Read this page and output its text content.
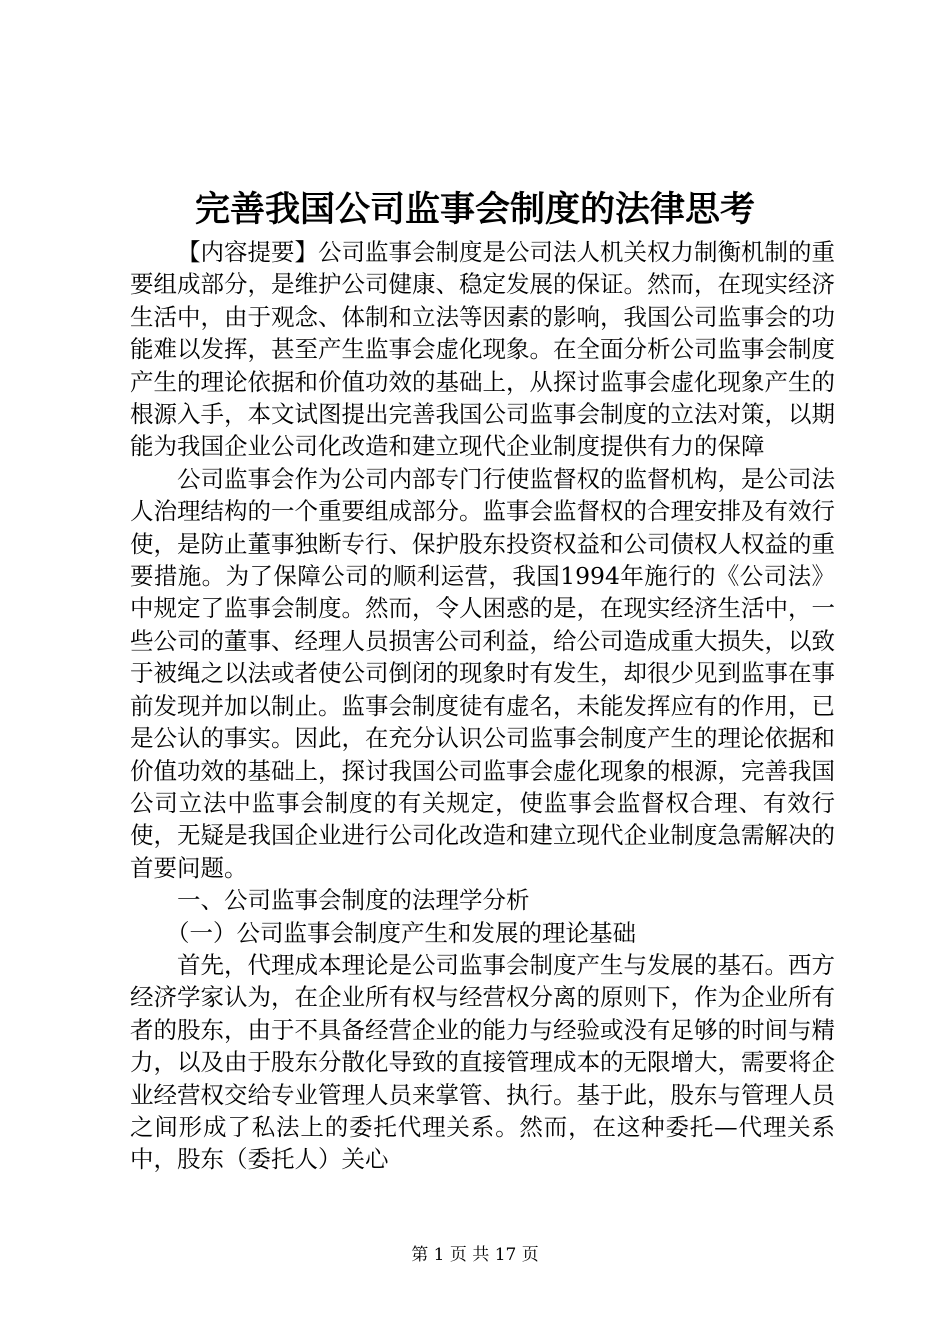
完善我国公司监事会制度的法律思考

【内容提要】公司监事会制度是公司法人机关权力制衡机制的重要组成部分，是维护公司健康、稳定发展的保证。然而，在现实经济生活中，由于观念、体制和立法等因素的影响，我国公司监事会的功能难以发挥，甚至产生监事会虚化现象。在全面分析公司监事会制度产生的理论依据和价值功效的基础上，从探讨监事会虚化现象产生的根源入手，本文试图提出完善我国公司监事会制度的立法对策，以期能为我国企业公司化改造和建立现代企业制度提供有力的保障

公司监事会作为公司内部专门行使监督权的监督机构，是公司法人治理结构的一个重要组成部分。监事会监督权的合理安排及有效行使，是防止董事独断专行、保护股东投资权益和公司债权人权益的重要措施。为了保障公司的顺利运营，我国1994年施行的《公司法》中规定了监事会制度。然而，令人困惑的是，在现实经济生活中，一些公司的董事、经理人员损害公司利益，给公司造成重大损失，以致于被绳之以法或者使公司倒闭的现象时有发生，却很少见到监事在事前发现并加以制止。监事会制度徒有虚名，未能发挥应有的作用，已是公认的事实。因此，在充分认识公司监事会制度产生的理论依据和价值功效的基础上，探讨我国公司监事会虚化现象的根源，完善我国公司立法中监事会制度的有关规定，使监事会监督权合理、有效行使，无疑是我国企业进行公司化改造和建立现代企业制度急需解决的首要问题。

一、公司监事会制度的法理学分析

（一）公司监事会制度产生和发展的理论基础

首先，代理成本理论是公司监事会制度产生与发展的基石。西方经济学家认为，在企业所有权与经营权分离的原则下，作为企业所有者的股东，由于不具备经营企业的能力与经验或没有足够的时间与精力，以及由于股东分散化导致的直接管理成本的无限增大，需要将企业经营权交给专业管理人员来掌管、执行。基于此，股东与管理人员之间形成了私法上的委托代理关系。然而，在这种委托—代理关系中，股东（委托人）关心

第 1 页 共 17 页
